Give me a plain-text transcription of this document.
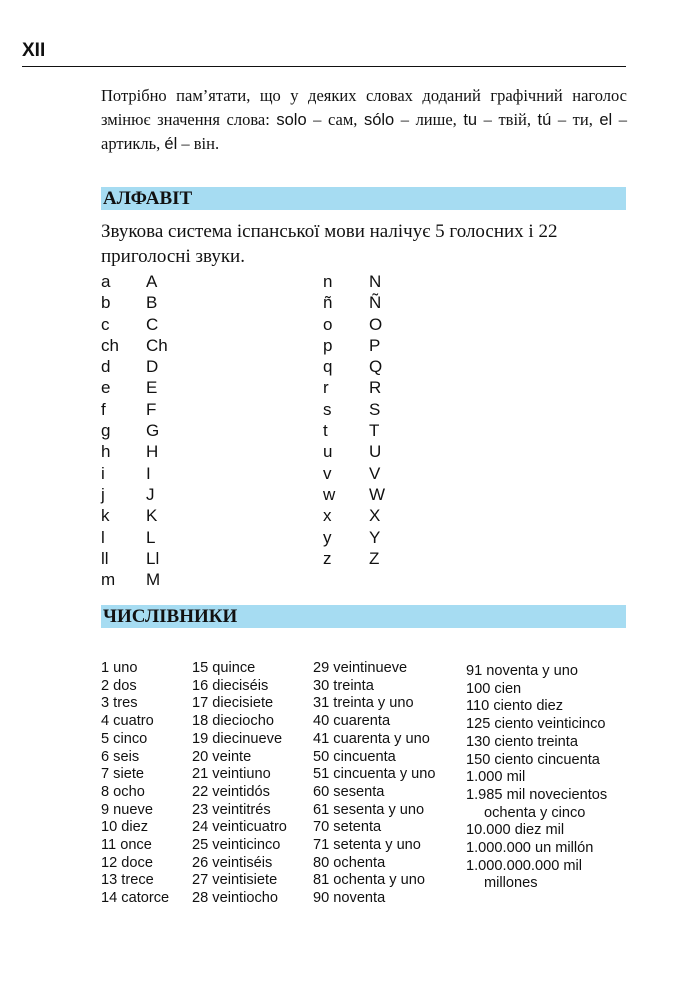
XII
Потрібно пам’ятати, що у деяких словах доданий графічний наголос змінює значення слова: solo – сам, sólo – лише, tu – твій, tú – ти, el – артикль, él – він.
АЛФАВІТ
Звукова система іспанської мови налічує 5 голосних і 22 приголосні звуки.
a A
b B
c C
ch Ch
d D
e E
f F
g G
h H
i I
j J
k K
l L
ll Ll
m M
n N
ñ Ñ
o O
p P
q Q
r R
s S
t T
u U
v V
w W
x X
y Y
z Z
ЧИСЛІВНИКИ
1 uno
2 dos
3 tres
4 cuatro
5 cinco
6 seis
7 siete
8 ocho
9 nueve
10 diez
11 once
12 doce
13 trece
14 catorce
15 quince
16 dieciséis
17 diecisiete
18 dieciocho
19 diecinueve
20 veinte
21 veintiuno
22 veintidós
23 veintitrés
24 veinticuatro
25 veinticinco
26 veintiséis
27 veintisiete
28 veintiocho
29 veintinueve
30 treinta
31 treinta y uno
40 cuarenta
41 cuarenta y uno
50 cincuenta
51 cincuenta y uno
60 sesenta
61 sesenta y uno
70 setenta
71 setenta y uno
80 ochenta
81 ochenta y uno
90 noventa
91 noventa y uno
100 cien
110 ciento diez
125 ciento veinticinco
130 ciento treinta
150 ciento cincuenta
1.000 mil
1.985 mil novecientos
ochenta y cinco
10.000 diez mil
1.000.000 un millón
1.000.000.000 mil
millones
